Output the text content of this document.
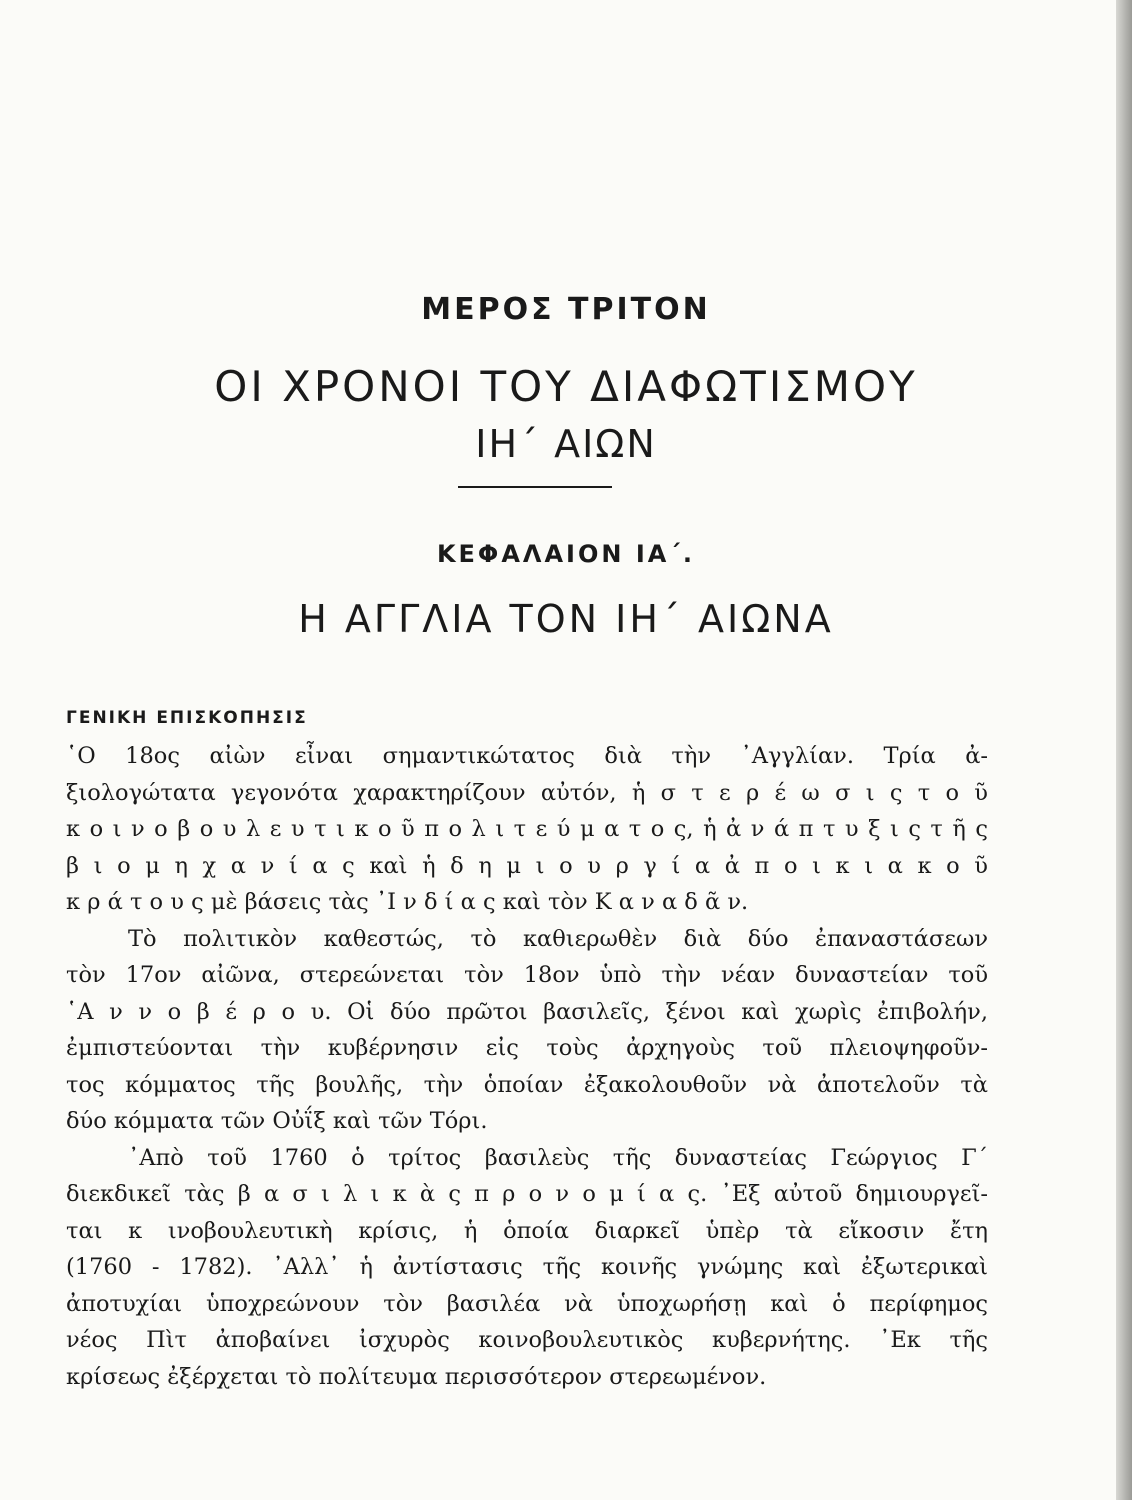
ΜΕΡΟΣ ΤΡΙΤΟΝ
ΟΙ ΧΡΟΝΟΙ ΤΟΥ ΔΙΑΦΩΤΙΣΜΟΥ
ΙΗ΄ ΑΙΩΝ
ΚΕΦΑΛΑΙΟΝ ΙΑ΄.
Η ΑΓΓΛΙΑ ΤΟΝ ΙΗ΄ ΑΙΩΝΑ
ΓΕΝΙΚΗ ΕΠΙΣΚΟΠΗΣΙΣ
῾Ο 18ος αἰὼν εἶναι σημαντικώτατος διὰ τὴν ᾿Αγγλίαν. Τρία ἀ-
ξιολογώτατα γεγονότα χαρακτηρίζουν αὐτόν, ἡ σ τ ε ρ έ ω σ ι ς τ ο ῦ
κ ο ι ν ο β ο υ λ ε υ τ ι κ ο ῦ π ο λ ι τ ε ύ μ α τ ο ς, ἡ ἀ ν ά π τ υ ξ ι ς τ ῆ ς
β ι ο μ η χ α ν ί α ς καὶ ἡ δ η μ ι ο υ ρ γ ί α ἀ π ο ι κ ι α κ ο ῦ
κ ρ ά τ ο υ ς μὲ βάσεις τὰς ᾿Ι ν δ ί α ς καὶ τὸν Κ α ν α δ ᾶ ν.
Τὸ πολιτικὸν καθεστώς, τὸ καθιερωθὲν διὰ δύο ἐπαναστάσεων
τὸν 17ον αἰῶνα, στερεώνεται τὸν 18ον ὑπὸ τὴν νέαν δυναστείαν τοῦ
῾Α ν ν ο β έ ρ ο υ. Οἱ δύο πρῶτοι βασιλεῖς, ξένοι καὶ χωρὶς ἐπιβολήν,
ἐμπιστεύονται τὴν κυβέρνησιν εἰς τοὺς ἀρχηγοὺς τοῦ πλειοψηφοῦν-
τος κόμματος τῆς βουλῆς, τὴν ὁποίαν ἐξακολουθοῦν νὰ ἀποτελοῦν τὰ
δύο κόμματα τῶν Οὐΐξ καὶ τῶν Τόρι.
᾿Απὸ τοῦ 1760 ὁ τρίτος βασιλεὺς τῆς δυναστείας Γεώργιος Γ΄
διεκδικεῖ τὰς β α σ ι λ ι κ ὰ ς π ρ ο ν ο μ ί α ς. ᾿Εξ αὐτοῦ δημιουργεῖ-
ται κ ινοβουλευτικὴ κρίσις, ἡ ὁποία διαρκεῖ ὑπὲρ τὰ εἴκοσιν ἔτη
(1760 - 1782). ᾿Αλλ᾿ ἡ ἀντίστασις τῆς κοινῆς γνώμης καὶ ἐξωτερικαὶ
ἀποτυχίαι ὑποχρεώνουν τὸν βασιλέα νὰ ὑποχωρήσῃ καὶ ὁ περίφημος
νέος Πὶτ ἀποβαίνει ἰσχυρὸς κοινοβουλευτικὸς κυβερνήτης. ᾿Εκ τῆς
κρίσεως ἐξέρχεται τὸ πολίτευμα περισσότερον στερεωμένον.
